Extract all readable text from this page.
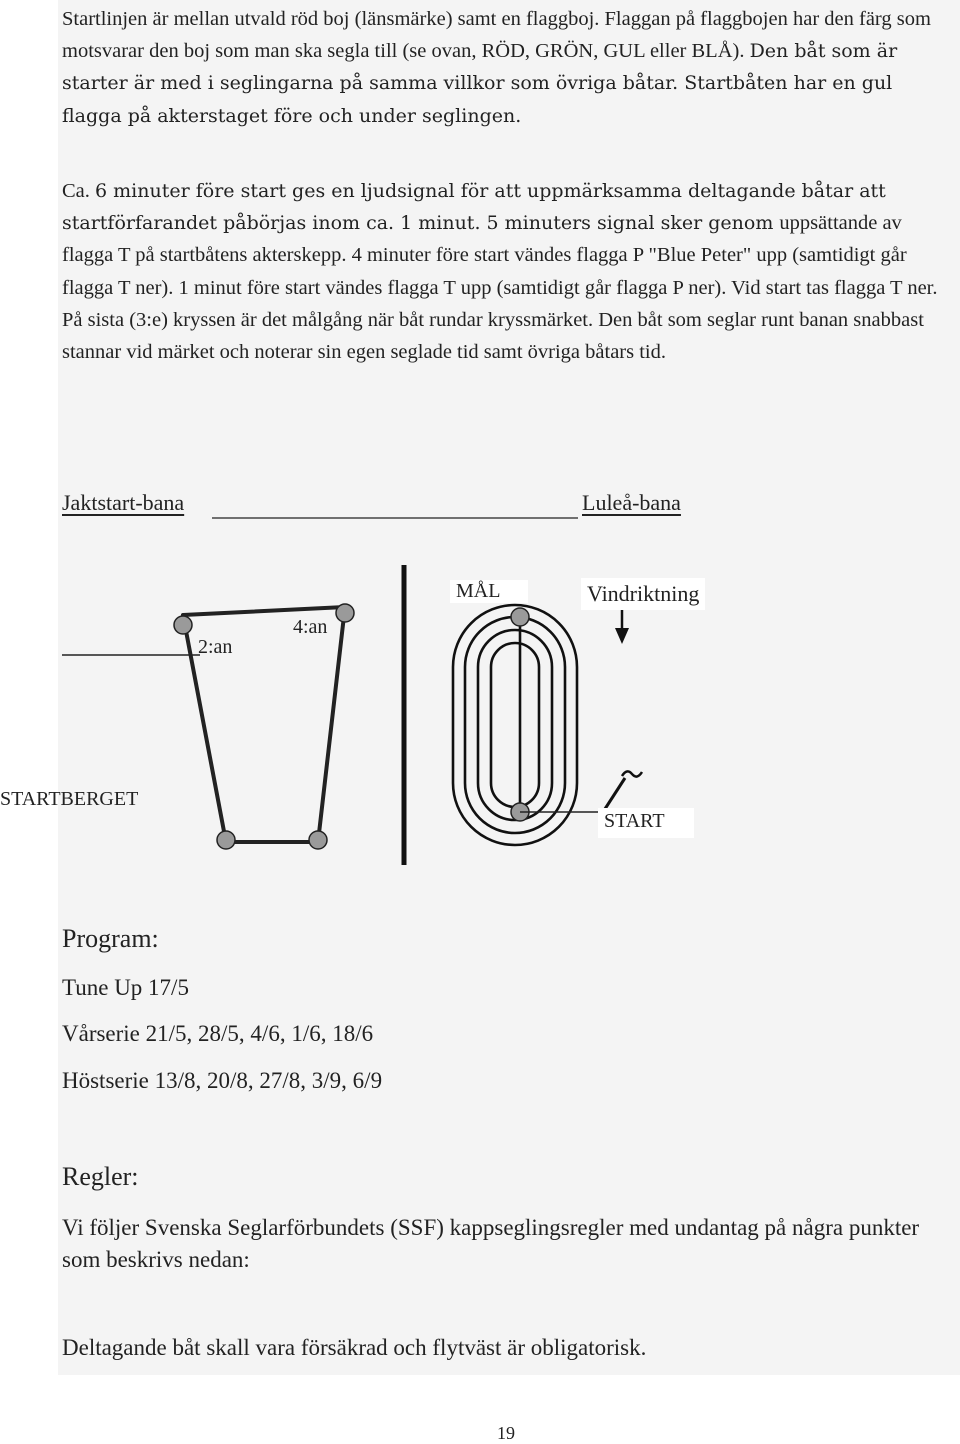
Startlinjen är mellan utvald röd boj (länsmärke) samt en flaggboj. Flaggan på flaggbojen har den färg som motsvarar den boj som man ska segla till (se ovan, RÖD, GRÖN, GUL eller BLÅ). Den båt som är starter är med i seglingarna på samma villkor som övriga båtar. Startbåten har en gul flagga på akterstaget före och under seglingen.

Ca. 6 minuter före start ges en ljudsignal för att uppmärksamma deltagande båtar att startförfarandet påbörjas inom ca. 1 minut. 5 minuters signal sker genom uppsättande av flagga T på startbåtens akterskepp. 4 minuter före start vändes flagga P "Blue Peter" upp (samtidigt går flagga T ner). 1 minut före start vändes flagga T upp (samtidigt går flagga P ner). Vid start tas flagga T ner. På sista (3:e) kryssen är det målgång när båt rundar kryssmärket. Den båt som seglar runt banan snabbast stannar vid märket och noterar sin egen seglade tid samt övriga båtars tid.

Jaktstart-bana	Luleå-bana
2:an
4:an
STARTBERGET
MÅL	Vindriktning
START
Program:
Tune Up 17/5
Vårserie 21/5, 28/5, 4/6, 1/6, 18/6
Höstserie 13/8, 20/8, 27/8, 3/9, 6/9
Regler:
Vi följer Svenska Seglarförbundets (SSF) kappseglingsregler med undantag på några punkter som beskrivs nedan:
Deltagande båt skall vara försäkrad och flytväst är obligatorisk.
19
